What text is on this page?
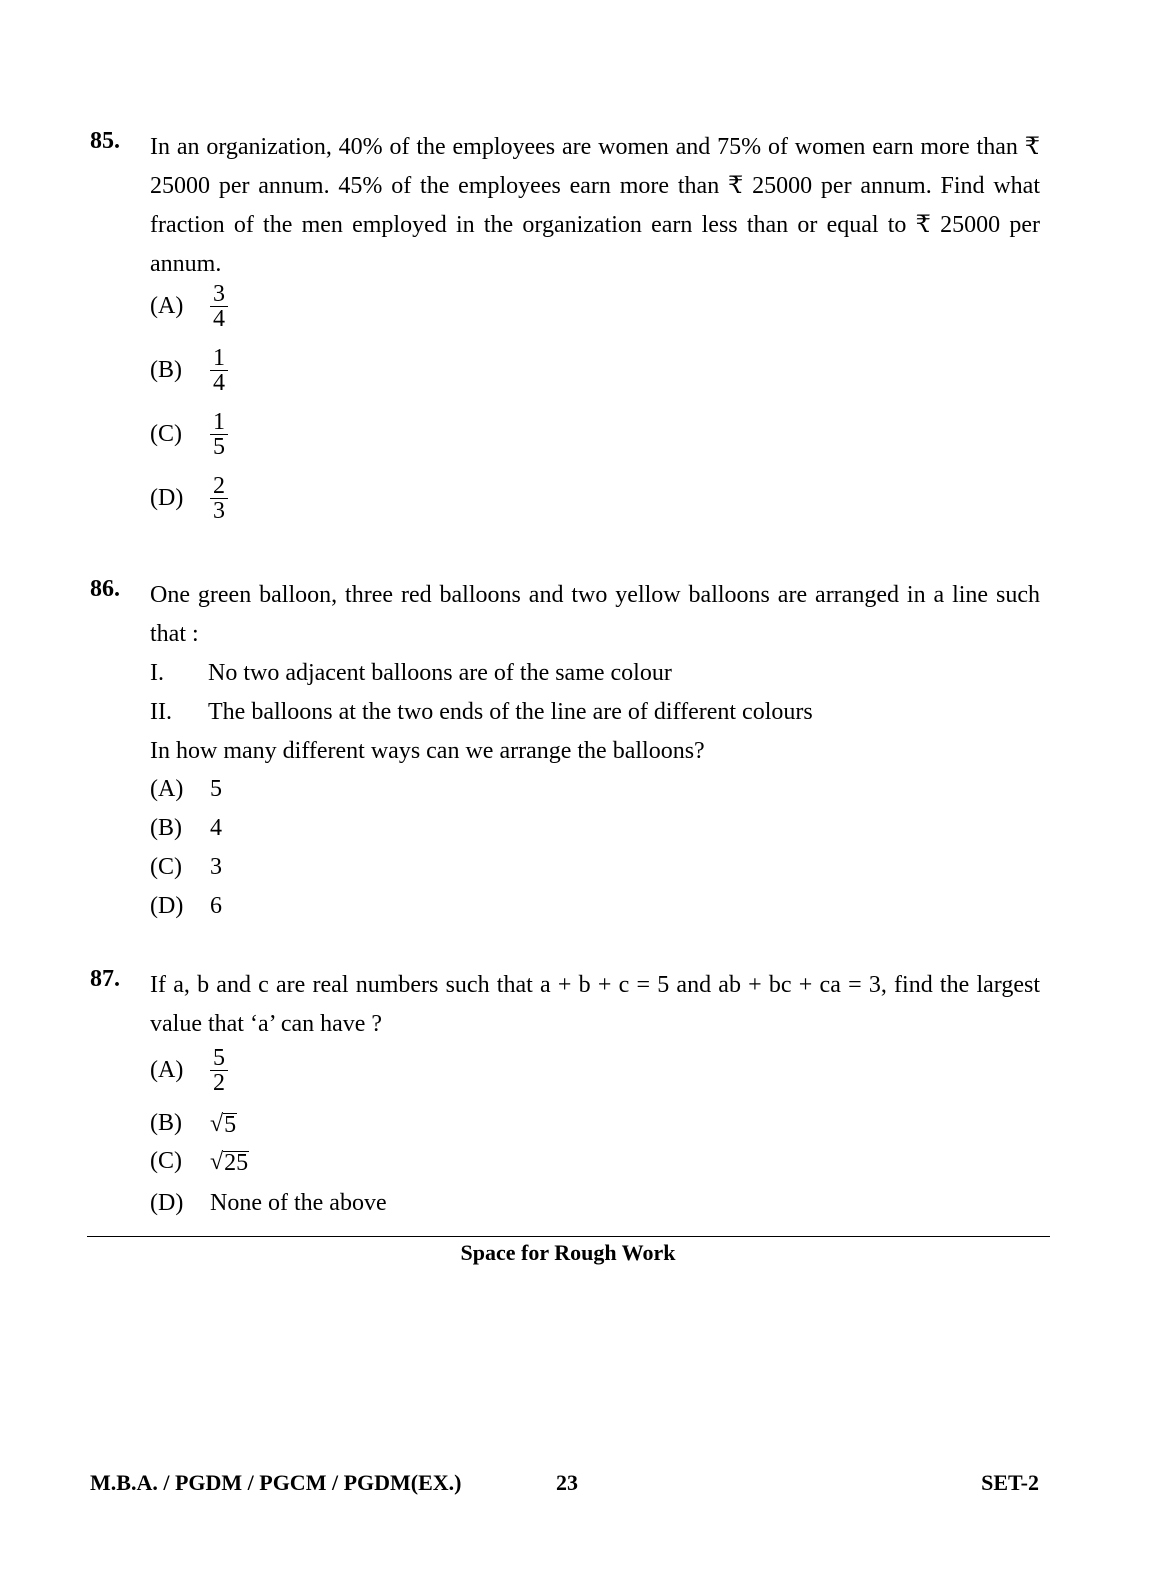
85. In an organization, 40% of the employees are women and 75% of women earn more than ₹ 25000 per annum. 45% of the employees earn more than ₹ 25000 per annum. Find what fraction of the men employed in the organization earn less than or equal to ₹ 25000 per annum.
(A)	$\frac{3}{4}$
(B)	$\frac{1}{4}$
(C)	$\frac{1}{5}$
(D)	$\frac{2}{3}$
86. One green balloon, three red balloons and two yellow balloons are arranged in a line such that :
I.	No two adjacent balloons are of the same colour
II.	The balloons at the two ends of the line are of different colours
In how many different ways can we arrange the balloons?
(A)	5
(B)	4
(C)	3
(D)	6
87. If a, b and c are real numbers such that a + b + c = 5 and ab + bc + ca = 3, find the largest value that ‘a’ can have ?
(A)	$\frac{5}{2}$
(B)	√ 5
(C)	√ 25
(D)	None of the above
Space for Rough Work
M.B.A. / PGDM / PGCM / PGDM(EX.)	23	SET-2
